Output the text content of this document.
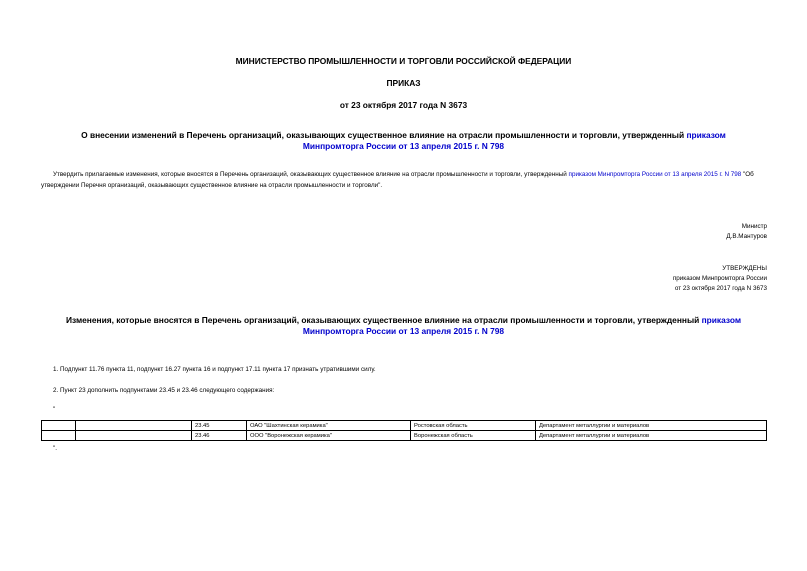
МИНИСТЕРСТВО ПРОМЫШЛЕННОСТИ И ТОРГОВЛИ РОССИЙСКОЙ ФЕДЕРАЦИИ
ПРИКАЗ
от 23 октября 2017 года N 3673
О внесении изменений в Перечень организаций, оказывающих существенное влияние на отрасли промышленности и торговли, утвержденный приказом
Минпромторга России от 13 апреля 2015 г. N 798
Утвердить прилагаемые изменения, которые вносятся в Перечень организаций, оказывающих существенное влияние на отрасли промышленности и торговли, утвержденный приказом Минпромторга России от 13 апреля 2015 г. N 798 "Об утверждении Перечня организаций, оказывающих существенное влияние на отрасли промышленности и торговли".
Министр
Д.В.Мантуров
УТВЕРЖДЕНЫ
приказом Минпромторга России
от 23 октября 2017 года N 3673
Изменения, которые вносятся в Перечень организаций, оказывающих существенное влияние на отрасли промышленности и торговли, утвержденный приказом
Минпромторга России от 13 апреля 2015 г. N 798
1. Подпункт 11.76 пункта 11, подпункт 16.27 пункта 16 и подпункт 17.11 пункта 17 признать утратившими силу.
2. Пункт 23 дополнить подпунктами 23.45 и 23.46 следующего содержания:
"
		23.45	ОАО "Шахтинская керамика"	Ростовская область	Департамент металлургии и материалов
		23.46	ООО "Воронежская керамика"	Воронежская область	Департамент металлургии и материалов
".
